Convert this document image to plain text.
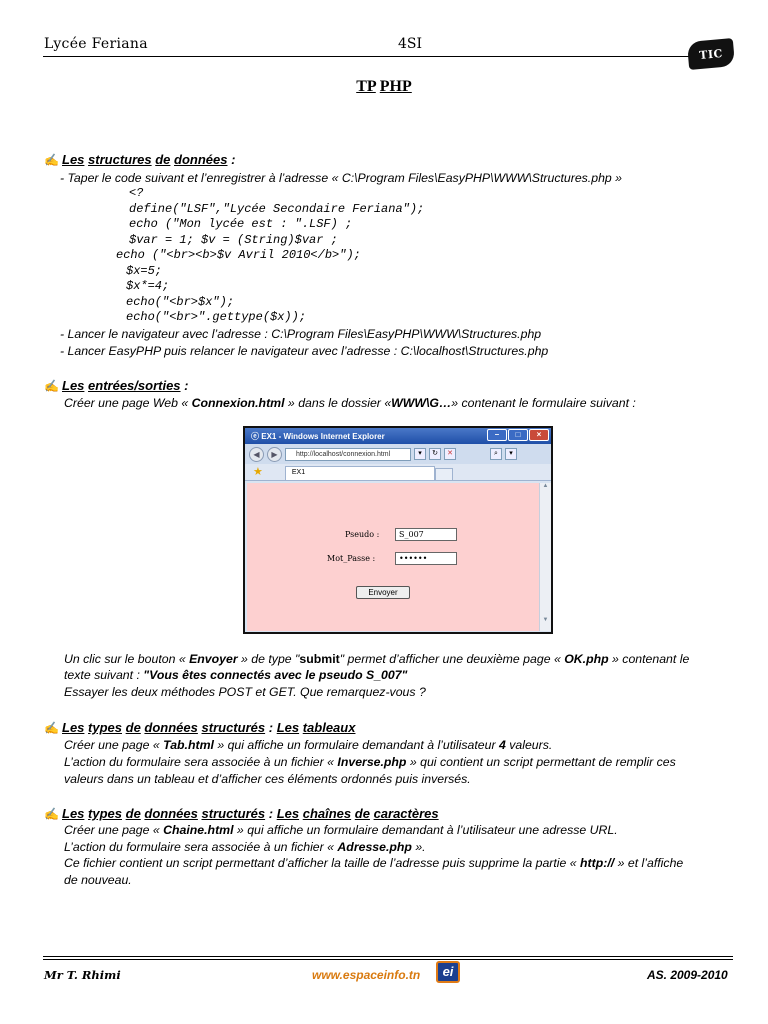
Lycée Feriana	4SI
TIC
TP PHP
✍ Les
structures
de
données
:
- Taper le code suivant et l’enregistrer à l’adresse « C:\Program Files\EasyPHP\WWW\Structures.php »
<?
define("LSF","Lycée Secondaire Feriana");
echo ("Mon lycée est : ".LSF) ;
$var = 1; $v = (String)$var ;
echo ("<br><b>$v Avril 2010</b>");
$x=5;
$x*=4;
echo("<br>$x");
echo("<br>".gettype($x));
- Lancer le navigateur avec l’adresse : C:\Program Files\EasyPHP\WWW\Structures.php
- Lancer EasyPHP puis relancer le navigateur avec l’adresse : C:\localhost\Structures.php
✍ Les
entrées/sorties
:
Créer une page Web « Connexion.html » dans le dossier «WWW\G…» contenant le formulaire suivant :
ⓔ EX1 - Windows Internet Explorer	–	□	×
◀	▶	http://localhost/connexion.html	▾	↻	✕	⌕	▾
★	EX1
Pseudo :	S_007
Mot_Passe :	••••••
Envoyer
▲
▼
Un clic sur le bouton « Envoyer » de type "submit" permet d’afficher une deuxième page « OK.php » contenant le
texte suivant : "Vous êtes connectés avec le pseudo S_007"
Essayer les deux méthodes POST et GET. Que remarquez-vous ?
✍ Les
types
de
données
structurés
:
Les
tableaux
Créer une page « Tab.html » qui affiche un formulaire demandant à l’utilisateur 4 valeurs.
L’action du formulaire sera associée à un fichier « Inverse.php » qui contient un script permettant de remplir ces
valeurs dans un tableau et d’afficher ces éléments ordonnés puis inversés.
✍ Les
types
de
données
structurés
:
Les
chaînes
de
caractères
Créer une page « Chaine.html » qui affiche un formulaire demandant à l’utilisateur une adresse URL.
L’action du formulaire sera associée à un fichier « Adresse.php ».
Ce fichier contient un script permettant d’afficher la taille de l’adresse puis supprime la partie « http:// » et l’affiche
de nouveau.
Mr T. Rhimi	www.espaceinfo.tn	ei	AS. 2009-2010
